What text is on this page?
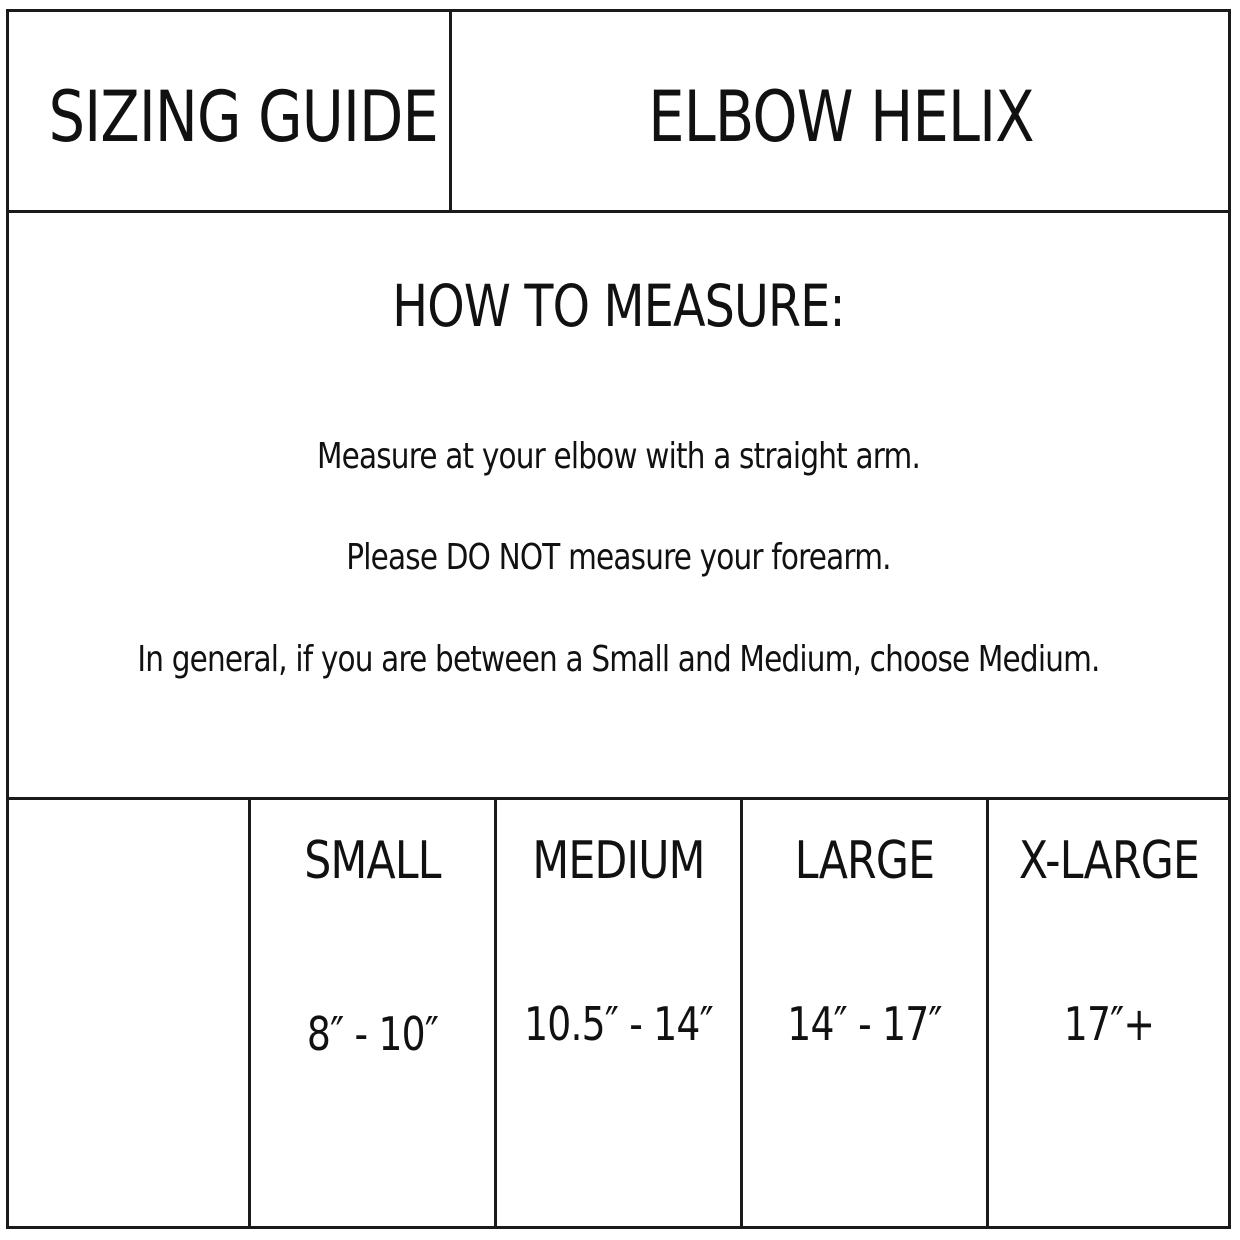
SIZING GUIDE	ELBOW HELIX
HOW TO MEASURE:
Measure at your elbow with a straight arm.
Please DO NOT measure your forearm.
In general, if you are between a Small and Medium, choose Medium.
SMALL	MEDIUM	LARGE	X-LARGE
8″ - 10″	10.5″ - 14″	14″ - 17″	17″+
